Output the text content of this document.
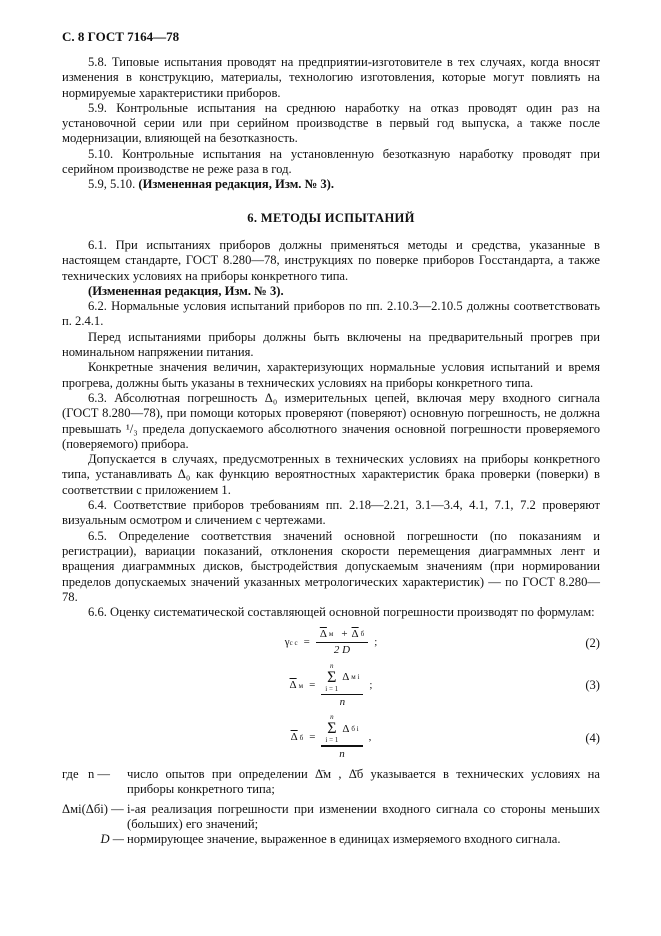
С. 8 ГОСТ 7164—78

5.8. Типовые испытания проводят на предприятии-изготовителе в тех случаях, когда вносят изменения в конструкцию, материалы, технологию изготовления, которые могут повлиять на нормируемые характеристики приборов.

5.9. Контрольные испытания на среднюю наработку на отказ проводят один раз на установочной серии или при серийном производстве в первый год выпуска, а также после модернизации, влияющей на безотказность.

5.10. Контрольные испытания на установленную безотказную наработку проводят при серийном производстве не реже раза в год.

5.9, 5.10. (Измененная редакция, Изм. № 3).

6. МЕТОДЫ ИСПЫТАНИЙ

6.1. При испытаниях приборов должны применяться методы и средства, указанные в настоящем стандарте, ГОСТ 8.280—78, инструкциях по поверке приборов Госстандарта, а также технических условиях на приборы конкретного типа.

(Измененная редакция, Изм. № 3).

6.2. Нормальные условия испытаний приборов по пп. 2.10.3—2.10.5 должны соответствовать п. 2.4.1.

Перед испытаниями приборы должны быть включены на предварительный прогрев при номинальном напряжении питания.

Конкретные значения величин, характеризующих нормальные условия испытаний и время прогрева, должны быть указаны в технических условиях на приборы конкретного типа.

6.3. Абсолютная погрешность Δ₀ измерительных цепей, включая меру входного сигнала (ГОСТ 8.280—78), при помощи которых проверяют (поверяют) основную погрешность, не должна превышать ¹/₃ предела допускаемого абсолютного значения основной погрешности проверяемого (поверяемого) прибора.

Допускается в случаях, предусмотренных в технических условиях на приборы конкретного типа, устанавливать Δ₀ как функцию вероятностных характеристик брака проверки (поверки) в соответствии с приложением 1.

6.4. Соответствие приборов требованиям пп. 2.18—2.21, 3.1—3.4, 4.1, 7.1, 7.2 проверяют визуальным осмотром и сличением с чертежами.

6.5. Определение соответствия значений основной погрешности (по показаниям и регистрации), вариации показаний, отклонения скорости перемещения диаграммных лент и вращения диаграммных дисков, быстродействия допускаемым значениям (при нормировании пределов допускаемых значений указанных метрологических характеристик) — по ГОСТ 8.280—78.

6.6. Оценку систематической составляющей основной погрешности производят по формулам:

γ с $с = \frac{\overline{\Delta} м + \overline{\Delta} б}{2 D}$ ;	(2)
$\overline{\Delta}$ м =
n
Σ
i = 1
Δ м i
n
;	(3)
$\overline{\Delta}$ б =
n
Σ
i = 1
Δ б i
n
,	(4)
где   n —	число опытов при определении Δ̄м , Δ̄б указывается в технических условиях на приборы конкретного типа;
Δмi(Δбi) — i-ая реализация погрешности при изменении входного сигнала со стороны меньших (больших) его значений;
D — нормирующее значение, выраженное в единицах измеряемого входного сигнала.
